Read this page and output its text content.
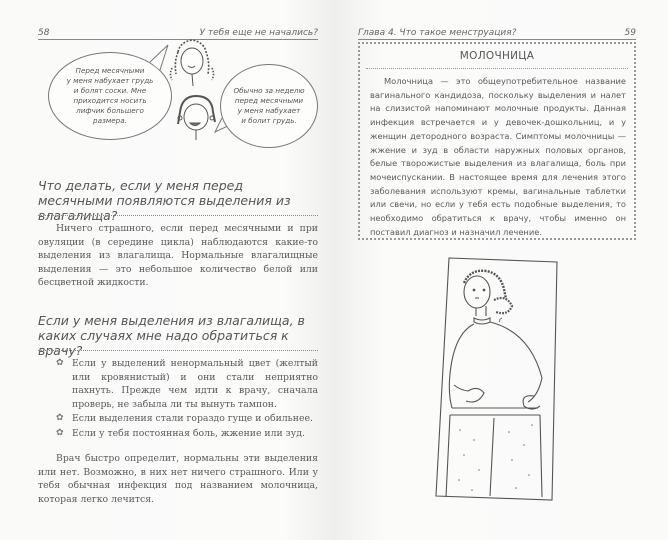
58	У тебя еще не начались?
Перед месячными
у меня набухает грудь
и болят соски. Мне
приходится носить
лифчик большего
размера.
Обычно за неделю
перед месячными
у меня набухает
и болит грудь.
Что делать, если у меня перед месячными появляются выделения из влагалища?

Ничего страшного, если перед месячными и при овуляции (в середине цикла) наблюдаются какие-то выделения из влагалища. Нормальные влагалищные выделения — это небольшое количество белой или бесцветной жидкости.

Если у меня выделения из влагалища, в каких случаях мне надо обратиться к врачу?
✿ Если у выделений ненормальный цвет (желтый или кровянистый) и они стали неприятно пахнуть. Прежде чем идти к врачу, сначала проверь, не забыла ли ты вынуть тампон.
✿ Если выделения стали гораздо гуще и обильнее.
✿ Если у тебя постоянная боль, жжение или зуд.

Врач быстро определит, нормальны эти выделения или нет. Возможно, в них нет ничего страшного. Или у тебя обычная инфекция под названием молочница, которая легко лечится.

Глава 4. Что такое менструация?	59
МОЛОЧНИЦА

Молочница — это общеупотребительное название вагинального кандидоза, поскольку выделения и налет на слизистой напоминают молочные продукты. Данная инфекция встречается и у девочек-дошкольниц, и у женщин детородного возраста. Симптомы молочницы — жжение и зуд в области наружных половых органов, белые творожистые выделения из влагалища, боль при мочеиспускании. В настоящее время для лечения этого заболевания используют кремы, вагинальные таблетки или свечи, но если у тебя есть подобные выделения, то необходимо обратиться к врачу, чтобы именно он поставил диагноз и назначил лечение.
